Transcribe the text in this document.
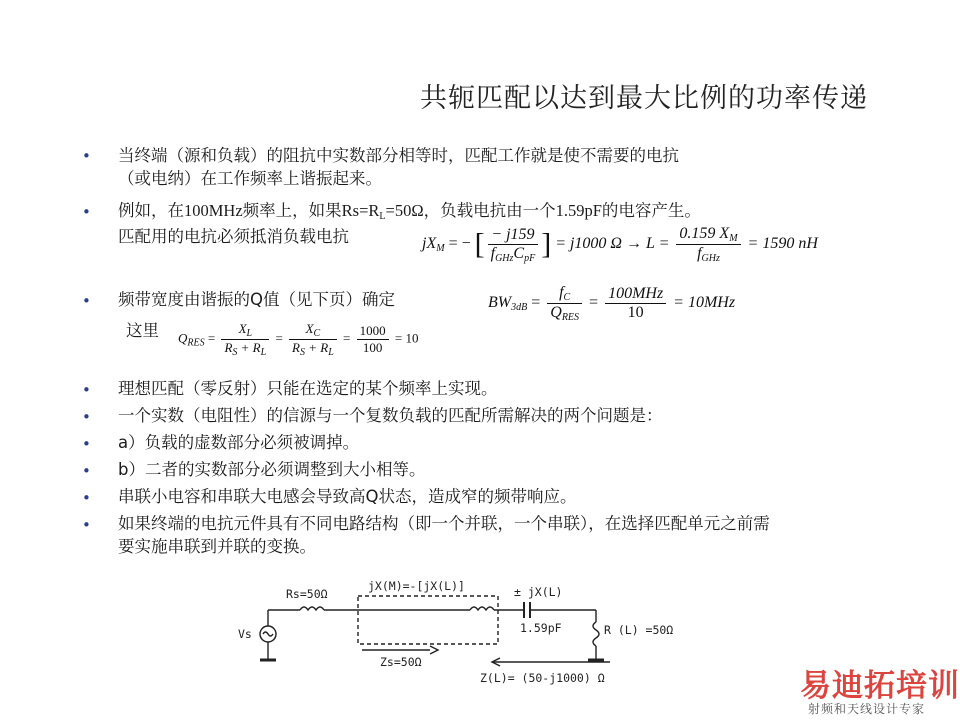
共轭匹配以达到最大比例的功率传递
• 当终端（源和负载）的阻抗中实数部分相等时，匹配工作就是使不需要的电抗
（或电纳）在工作频率上谐振起来。
• 例如，在100MHz频率上，如果$Rs=R_L=50\Omega$，负载电抗由一个1.59pF的电容产生。
匹配用的电抗必须抵消负载电抗	$jX_M$ = − [ $\frac{- j159}{f_{GHz}C_{pF}}$ ] = j1000 $\Omega \to L = \frac{0.159 X_M}{f_{GHz}} = 1590$ nH
• 频带宽度由谐振的Q值（见下页）确定
这里
$BW_{3dB} = \frac{f_C}{Q_{RES}} = \frac{\text{100MHz}}{10} = 10MHz$
$Q_{RES} = \frac{X_L}{R_S + R_L} = \frac{X_C}{R_S + R_L} = \frac{1000}{100} = 10$
• 理想匹配（零反射）只能在选定的某个频率上实现。
• 一个实数（电阻性）的信源与一个复数负载的匹配所需解决的两个问题是：
• a）负载的虚数部分必须被调掉。
• b）二者的实数部分必须调整到大小相等。
• 串联小电容和串联大电感会导致高Q状态，造成窄的频带响应。
• 如果终端的电抗元件具有不同电路结构（即一个并联，一个串联），在选择匹配单元之前需
要实施串联到并联的变换。
Rs=50Ω
jX(M)=-[jX(L)]	± jX(L)
1.59pF	R (L) =50Ω
Vs
Zs=50Ω
Z(L)= (50-j1000) Ω	易迪拓培训
射频和天线设计专家
